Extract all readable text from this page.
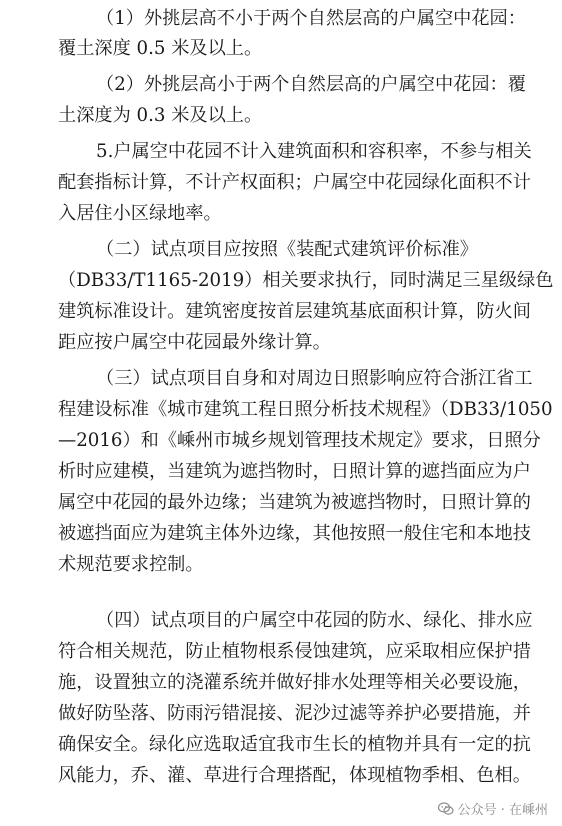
（1）外挑层高不小于两个自然层高的户属空中花园：
覆土深度 0.5 米及以上。
（2）外挑层高小于两个自然层高的户属空中花园：覆
土深度为 0.3 米及以上。
5.户属空中花园不计入建筑面积和容积率，不参与相关
配套指标计算，不计产权面积；户属空中花园绿化面积不计
入居住小区绿地率。
（二）试点项目应按照《装配式建筑评价标准》
（DB33/T1165-2019）相关要求执行，同时满足三星级绿色
建筑标准设计。建筑密度按首层建筑基底面积计算，防火间
距应按户属空中花园最外缘计算。
（三）试点项目自身和对周边日照影响应符合浙江省工
程建设标准《城市建筑工程日照分析技术规程》（DB33/1050
—2016）和《嵊州市城乡规划管理技术规定》要求，日照分
析时应建模，当建筑为遮挡物时，日照计算的遮挡面应为户
属空中花园的最外边缘；当建筑为被遮挡物时，日照计算的
被遮挡面应为建筑主体外边缘，其他按照一般住宅和本地技
术规范要求控制。
（四）试点项目的户属空中花园的防水、绿化、排水应
符合相关规范，防止植物根系侵蚀建筑，应采取相应保护措
施，设置独立的浇灌系统并做好排水处理等相关必要设施，
做好防坠落、防雨污错混接、泥沙过滤等养护必要措施，并
确保安全。绿化应选取适宜我市生长的植物并具有一定的抗
风能力，乔、灌、草进行合理搭配，体现植物季相、色相。
公众号 · 在嵊州
